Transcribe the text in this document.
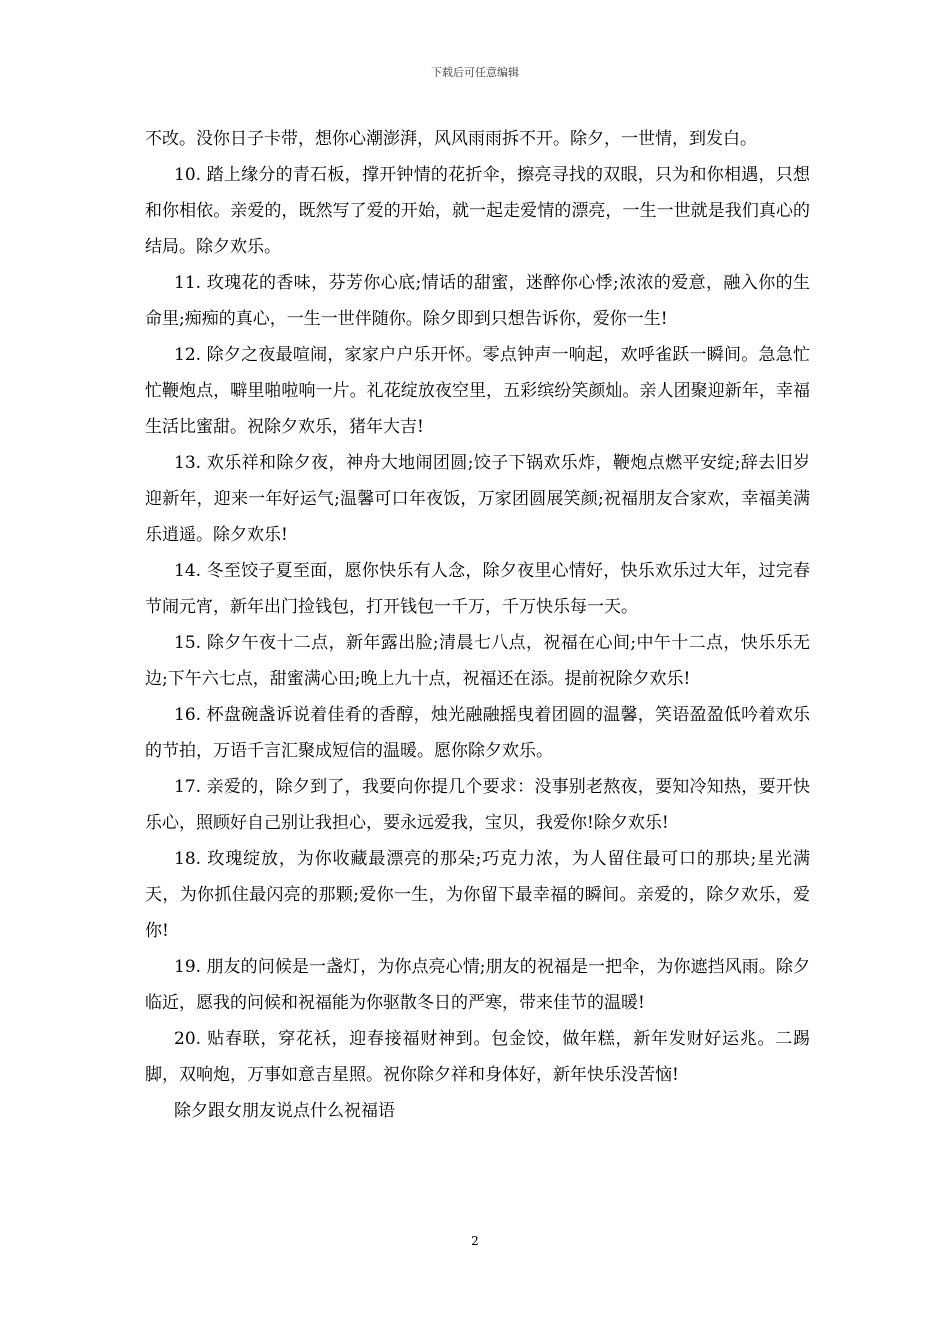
下载后可任意编辑

不改。没你日子卡带，想你心潮澎湃，风风雨雨拆不开。除夕，一世情，到发白。

10. 踏上缘分的青石板，撑开钟情的花折伞，擦亮寻找的双眼，只为和你相遇，只想和你相依。亲爱的，既然写了爱的开始，就一起走爱情的漂亮，一生一世就是我们真心的结局。除夕欢乐。

11. 玫瑰花的香味，芬芳你心底;情话的甜蜜，迷醉你心悸;浓浓的爱意，融入你的生命里;痴痴的真心，一生一世伴随你。除夕即到只想告诉你，爱你一生!

12. 除夕之夜最喧闹，家家户户乐开怀。零点钟声一响起，欢呼雀跃一瞬间。急急忙忙鞭炮点，噼里啪啦响一片。礼花绽放夜空里，五彩缤纷笑颜灿。亲人团聚迎新年，幸福生活比蜜甜。祝除夕欢乐，猪年大吉!

13. 欢乐祥和除夕夜，神舟大地闹团圆;饺子下锅欢乐炸，鞭炮点燃平安绽;辞去旧岁迎新年，迎来一年好运气;温馨可口年夜饭，万家团圆展笑颜;祝福朋友合家欢，幸福美满乐逍遥。除夕欢乐!

14. 冬至饺子夏至面，愿你快乐有人念，除夕夜里心情好，快乐欢乐过大年，过完春节闹元宵，新年出门捡钱包，打开钱包一千万，千万快乐每一天。

15. 除夕午夜十二点，新年露出脸;清晨七八点，祝福在心间;中午十二点，快乐乐无边;下午六七点，甜蜜满心田;晚上九十点，祝福还在添。提前祝除夕欢乐!

16. 杯盘碗盏诉说着佳肴的香醇，烛光融融摇曳着团圆的温馨，笑语盈盈低吟着欢乐的节拍，万语千言汇聚成短信的温暖。愿你除夕欢乐。

17. 亲爱的，除夕到了，我要向你提几个要求：没事别老熬夜，要知冷知热，要开快乐心，照顾好自己别让我担心，要永远爱我，宝贝，我爱你!除夕欢乐!

18. 玫瑰绽放，为你收藏最漂亮的那朵;巧克力浓，为人留住最可口的那块;星光满天，为你抓住最闪亮的那颗;爱你一生，为你留下最幸福的瞬间。亲爱的，除夕欢乐，爱你!

19. 朋友的问候是一盏灯，为你点亮心情;朋友的祝福是一把伞，为你遮挡风雨。除夕临近，愿我的问候和祝福能为你驱散冬日的严寒，带来佳节的温暖!

20. 贴春联，穿花袄，迎春接福财神到。包金饺，做年糕，新年发财好运兆。二踢脚，双响炮，万事如意吉星照。祝你除夕祥和身体好，新年快乐没苦恼!

除夕跟女朋友说点什么祝福语

2
